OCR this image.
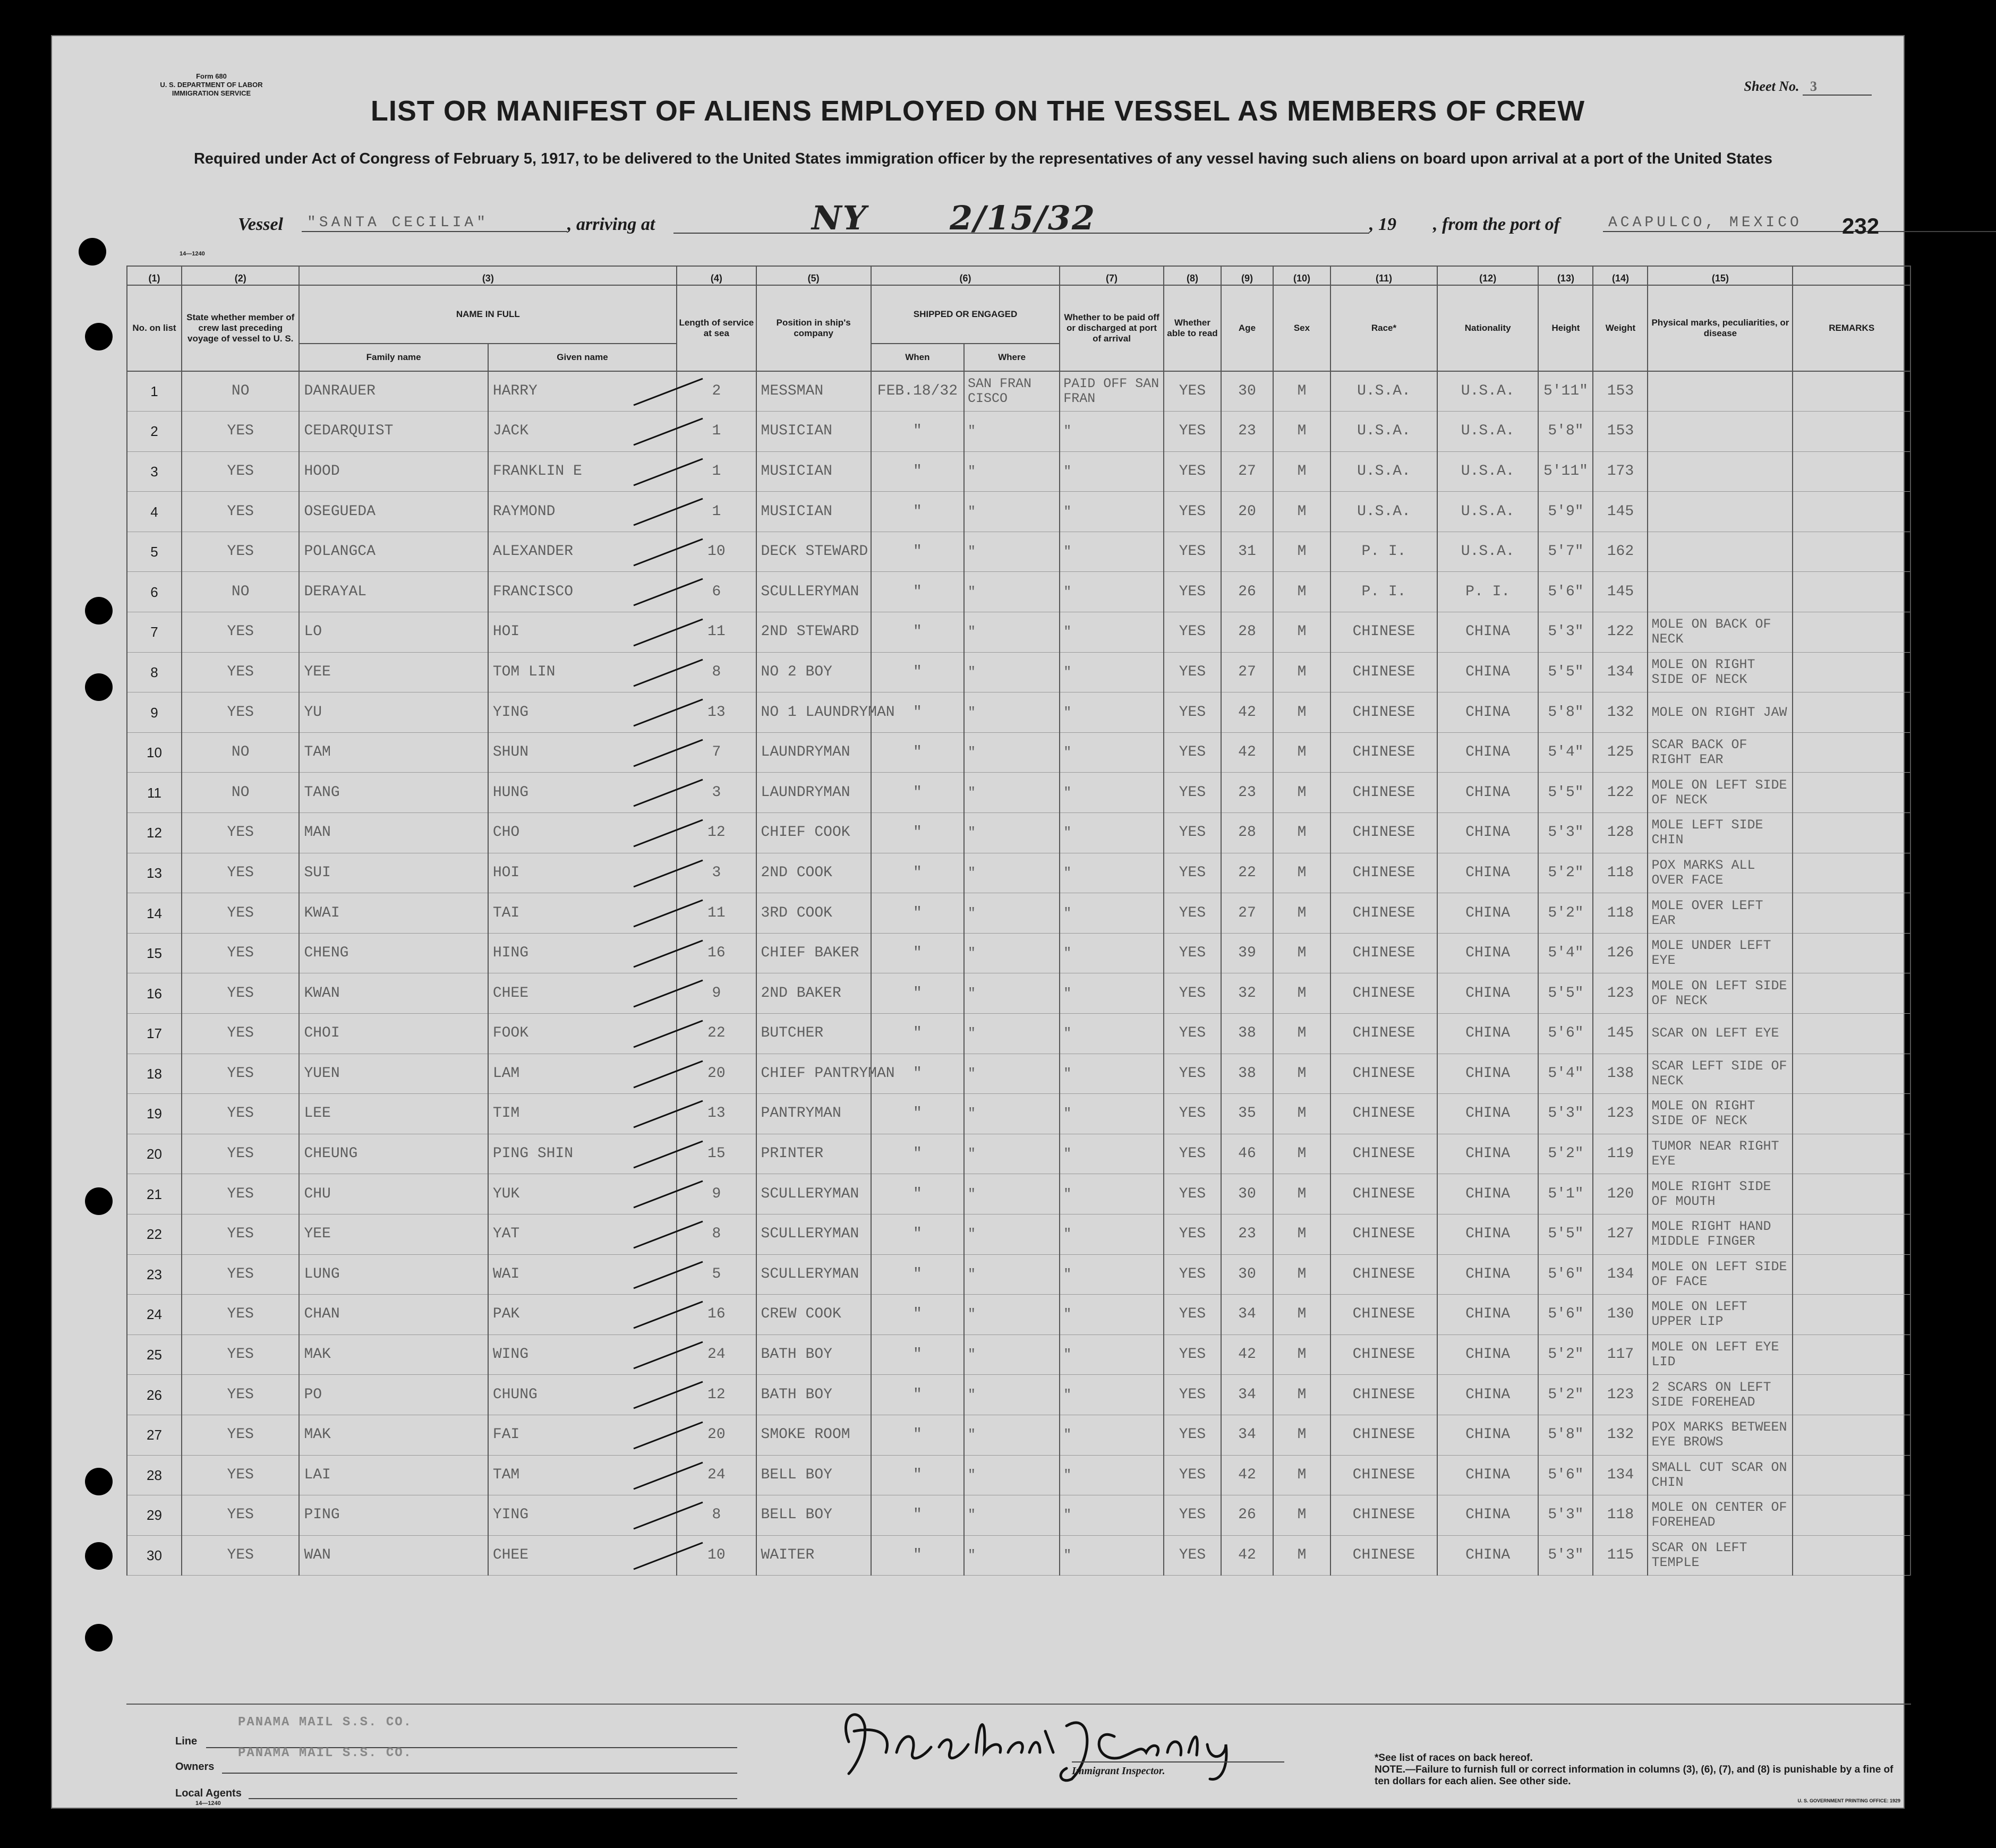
Form 680
U. S. DEPARTMENT OF LABOR
IMMIGRATION SERVICE	Sheet No. 3
LIST OR MANIFEST OF ALIENS EMPLOYED ON THE VESSEL AS MEMBERS OF CREW
Required under Act of Congress of February 5, 1917, to be delivered to the United States immigration officer by the representatives of any vessel having such aliens on board upon arrival at a port of the United States
Vessel	"SANTA CECILIA"	, arriving at	NY	2/15/32	, 19 , from the port of	ACAPULCO, MEXICO	232
14—1240
(1)	(2)	(3)		(4)	(5)	(6)		(7)	(8)	(9)	(10)	(11)	(12)	(13)	(14)	(15)	
No. on list	State whether member of crew last preceding voyage of vessel to U. S.	NAME IN FULL		Length of service at sea	Position in ship's company	SHIPPED OR ENGAGED		Whether to be paid off or discharged at port of arrival	Whether able to read	Age	Sex	Race*	Nationality	Height	Weight	Physical marks, peculiarities, or disease	REMARKS
		Family name	Given name			When	Where										
1	NO	DANRAUER	HARRY	2	MESSMAN	FEB.18/32	SAN FRAN CISCO	PAID OFF SAN FRAN	YES	30	M	U.S.A.	U.S.A.	5'11"	153		
2	YES	CEDARQUIST	JACK	1	MUSICIAN	"	"	"	YES	23	M	U.S.A.	U.S.A.	5'8"	153		
3	YES	HOOD	FRANKLIN E	1	MUSICIAN	"	"	"	YES	27	M	U.S.A.	U.S.A.	5'11"	173		
4	YES	OSEGUEDA	RAYMOND	1	MUSICIAN	"	"	"	YES	20	M	U.S.A.	U.S.A.	5'9"	145		
5	YES	POLANGCA	ALEXANDER	10	DECK STEWARD	"	"	"	YES	31	M	P. I.	U.S.A.	5'7"	162		
6	NO	DERAYAL	FRANCISCO	6	SCULLERYMAN	"	"	"	YES	26	M	P. I.	P. I.	5'6"	145		
7	YES	LO	HOI	11	2ND STEWARD	"	"	"	YES	28	M	CHINESE	CHINA	5'3"	122	MOLE ON BACK OF NECK	
8	YES	YEE	TOM LIN	8	NO 2 BOY	"	"	"	YES	27	M	CHINESE	CHINA	5'5"	134	MOLE ON RIGHT SIDE OF NECK	
9	YES	YU	YING	13	NO 1 LAUNDRYMAN	"	"	"	YES	42	M	CHINESE	CHINA	5'8"	132	MOLE ON RIGHT JAW	
10	NO	TAM	SHUN	7	LAUNDRYMAN	"	"	"	YES	42	M	CHINESE	CHINA	5'4"	125	SCAR BACK OF RIGHT EAR	
11	NO	TANG	HUNG	3	LAUNDRYMAN	"	"	"	YES	23	M	CHINESE	CHINA	5'5"	122	MOLE ON LEFT SIDE OF NECK	
12	YES	MAN	CHO	12	CHIEF COOK	"	"	"	YES	28	M	CHINESE	CHINA	5'3"	128	MOLE LEFT SIDE CHIN	
13	YES	SUI	HOI	3	2ND COOK	"	"	"	YES	22	M	CHINESE	CHINA	5'2"	118	POX MARKS ALL OVER FACE	
14	YES	KWAI	TAI	11	3RD COOK	"	"	"	YES	27	M	CHINESE	CHINA	5'2"	118	MOLE OVER LEFT EAR	
15	YES	CHENG	HING	16	CHIEF BAKER	"	"	"	YES	39	M	CHINESE	CHINA	5'4"	126	MOLE UNDER LEFT EYE	
16	YES	KWAN	CHEE	9	2ND BAKER	"	"	"	YES	32	M	CHINESE	CHINA	5'5"	123	MOLE ON LEFT SIDE OF NECK	
17	YES	CHOI	FOOK	22	BUTCHER	"	"	"	YES	38	M	CHINESE	CHINA	5'6"	145	SCAR ON LEFT EYE	
18	YES	YUEN	LAM	20	CHIEF PANTRYMAN	"	"	"	YES	38	M	CHINESE	CHINA	5'4"	138	SCAR LEFT SIDE OF NECK	
19	YES	LEE	TIM	13	PANTRYMAN	"	"	"	YES	35	M	CHINESE	CHINA	5'3"	123	MOLE ON RIGHT SIDE OF NECK	
20	YES	CHEUNG	PING SHIN	15	PRINTER	"	"	"	YES	46	M	CHINESE	CHINA	5'2"	119	TUMOR NEAR RIGHT EYE	
21	YES	CHU	YUK	9	SCULLERYMAN	"	"	"	YES	30	M	CHINESE	CHINA	5'1"	120	MOLE RIGHT SIDE OF MOUTH	
22	YES	YEE	YAT	8	SCULLERYMAN	"	"	"	YES	23	M	CHINESE	CHINA	5'5"	127	MOLE RIGHT HAND MIDDLE FINGER	
23	YES	LUNG	WAI	5	SCULLERYMAN	"	"	"	YES	30	M	CHINESE	CHINA	5'6"	134	MOLE ON LEFT SIDE OF FACE	
24	YES	CHAN	PAK	16	CREW COOK	"	"	"	YES	34	M	CHINESE	CHINA	5'6"	130	MOLE ON LEFT UPPER LIP	
25	YES	MAK	WING	24	BATH BOY	"	"	"	YES	42	M	CHINESE	CHINA	5'2"	117	MOLE ON LEFT EYE LID	
26	YES	PO	CHUNG	12	BATH BOY	"	"	"	YES	34	M	CHINESE	CHINA	5'2"	123	2 SCARS ON LEFT SIDE FOREHEAD	
27	YES	MAK	FAI	20	SMOKE ROOM	"	"	"	YES	34	M	CHINESE	CHINA	5'8"	132	POX MARKS BETWEEN EYE BROWS	
28	YES	LAI	TAM	24	BELL BOY	"	"	"	YES	42	M	CHINESE	CHINA	5'6"	134	SMALL CUT SCAR ON CHIN	
29	YES	PING	YING	8	BELL BOY	"	"	"	YES	26	M	CHINESE	CHINA	5'3"	118	MOLE ON CENTER OF FOREHEAD	
30	YES	WAN	CHEE	10	WAITER	"	"	"	YES	42	M	CHINESE	CHINA	5'3"	115	SCAR ON LEFT TEMPLE	
Line
PANAMA MAIL S.S. CO.
Owners
PANAMA MAIL S.S. CO.
Local Agents
14—1240
Immigrant Inspector.
*See list of races on back hereof.
NOTE.—Failure to furnish full or correct information in columns (3), (6), (7), and (8) is punishable by a fine of ten dollars for each alien. See other side.
U. S. GOVERNMENT PRINTING OFFICE: 1929
